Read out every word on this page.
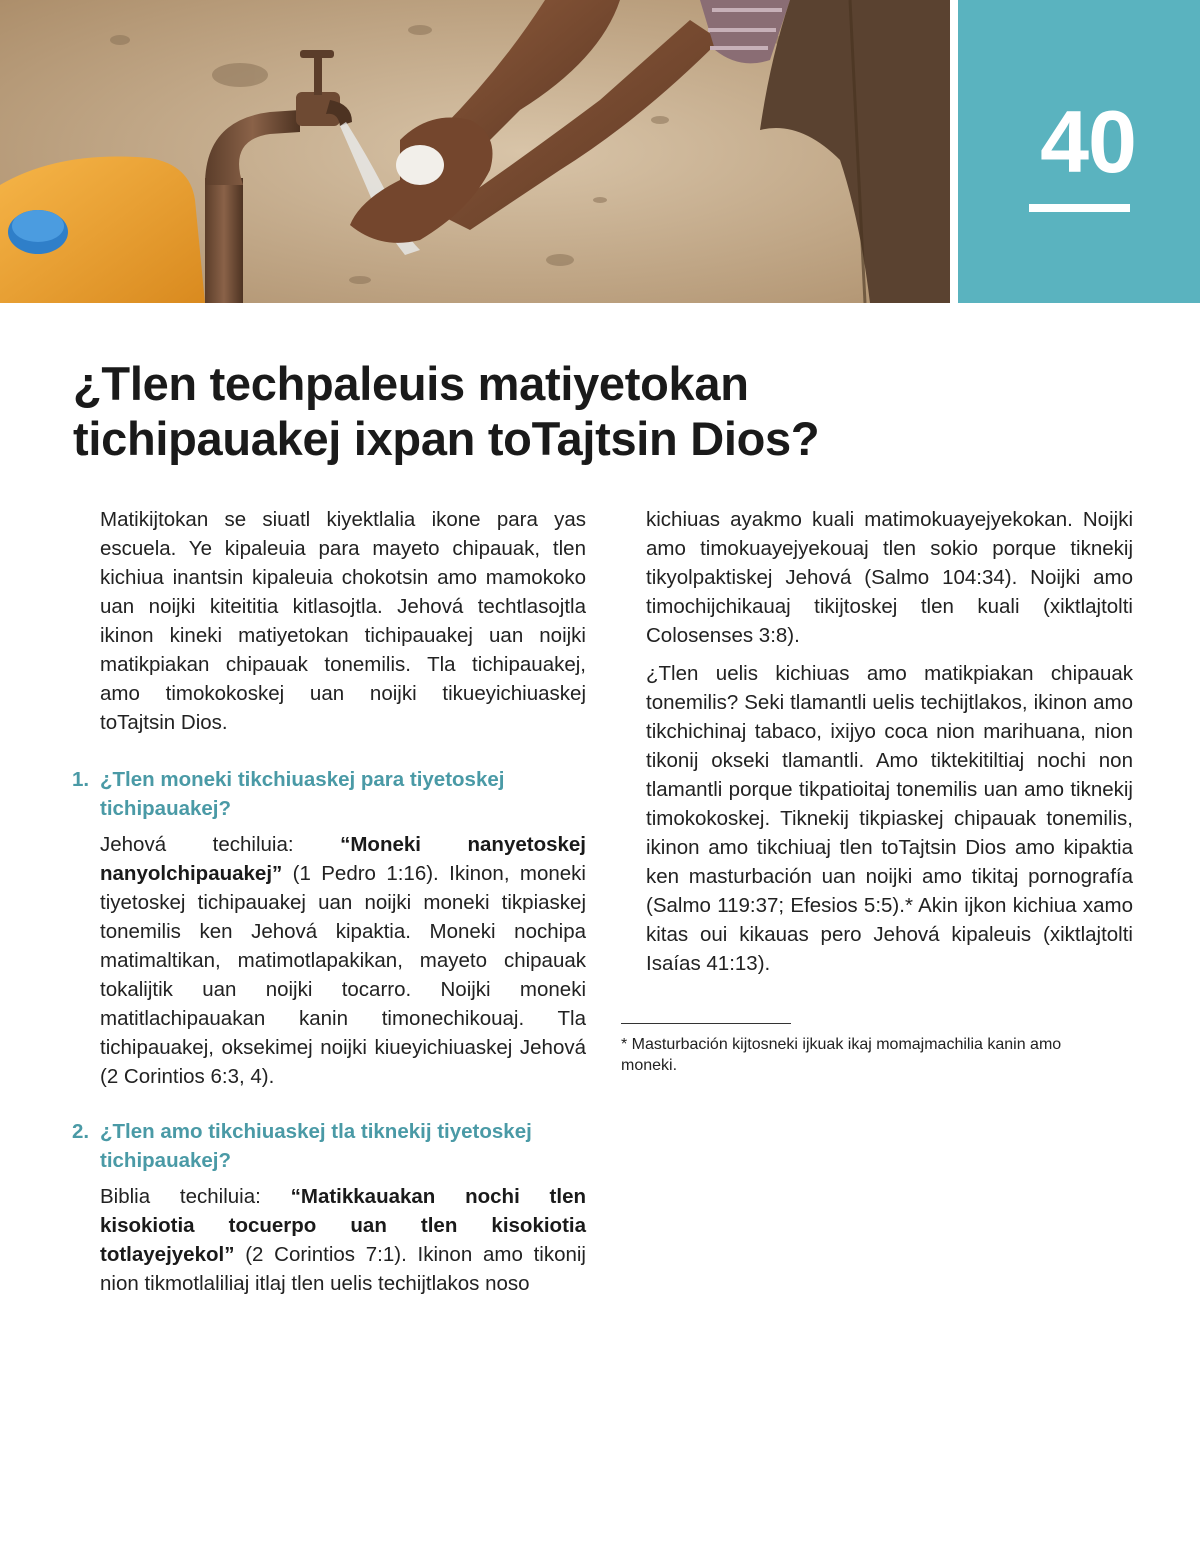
40
¿Tlen techpaleuis matiyetokan
tichipauakej ixpan toTajtsin Dios?

Matikijtokan se siuatl kiyektlalia ikone para yas escuela. Ye kipaleuia para mayeto chipauak, tlen kichiua inantsin kipaleuia chokotsin amo mamokoko uan noijki kiteititia kitlasojtla. Jehová techtlasojtla ikinon kineki matiyetokan tichipauakej uan noijki matikpiakan chipauak tonemilis. Tla tichipauakej, amo timokokoskej uan noijki tikueyichiuaskej toTajtsin Dios.

1. ¿Tlen moneki tikchiuaskej para tiyetoskej tichipauakej?

Jehová techiluia: “Moneki nanyetoskej nanyolchipauakej” (1 Pedro 1:16). Ikinon, moneki tiyetoskej tichipauakej uan noijki moneki tikpiaskej tonemilis ken Jehová kipaktia. Moneki nochipa matimaltikan, matimotlapakikan, mayeto chipauak tokalijtik uan noijki tocarro. Noijki moneki matitlachipauakan kanin timonechikouaj. Tla tichipauakej, oksekimej noijki kiueyichiuaskej Jehová (2 Corintios 6:3, 4).

2. ¿Tlen amo tikchiuaskej tla tiknekij tiyetoskej tichipauakej?

Biblia techiluia: “Matikkauakan nochi tlen kisokiotia tocuerpo uan tlen kisokiotia totlayejyekol” (2 Corintios 7:1). Ikinon amo tikonij nion tikmotlaliliaj itlaj tlen uelis techijtlakos noso

kichiuas ayakmo kuali matimokuayejyekokan. Noijki amo timokuayejyekouaj tlen sokio porque tiknekij tikyolpaktiskej Jehová (Salmo 104:34). Noijki amo timochijchikauaj tikijtoskej tlen kuali (xiktlajtolti Colosenses 3:8).

¿Tlen uelis kichiuas amo matikpiakan chipauak tonemilis? Seki tlamantli uelis techijtlakos, ikinon amo tikchichinaj tabaco, ixijyo coca nion marihuana, nion tikonij okseki tlamantli. Amo tiktekitiltiaj nochi non tlamantli porque tikpatioitaj tonemilis uan amo tiknekij timokokoskej. Tiknekij tikpiaskej chipauak tonemilis, ikinon amo tikchiuaj tlen toTajtsin Dios amo kipaktia ken masturbación uan noijki amo tikitaj pornografía (Salmo 119:37; Efesios 5:5).* Akin ijkon kichiua xamo kitas oui kikauas pero Jehová kipaleuis (xiktlajtolti Isaías 41:13).

* Masturbación kijtosneki ijkuak ikaj momajmachilia kanin amo moneki.
